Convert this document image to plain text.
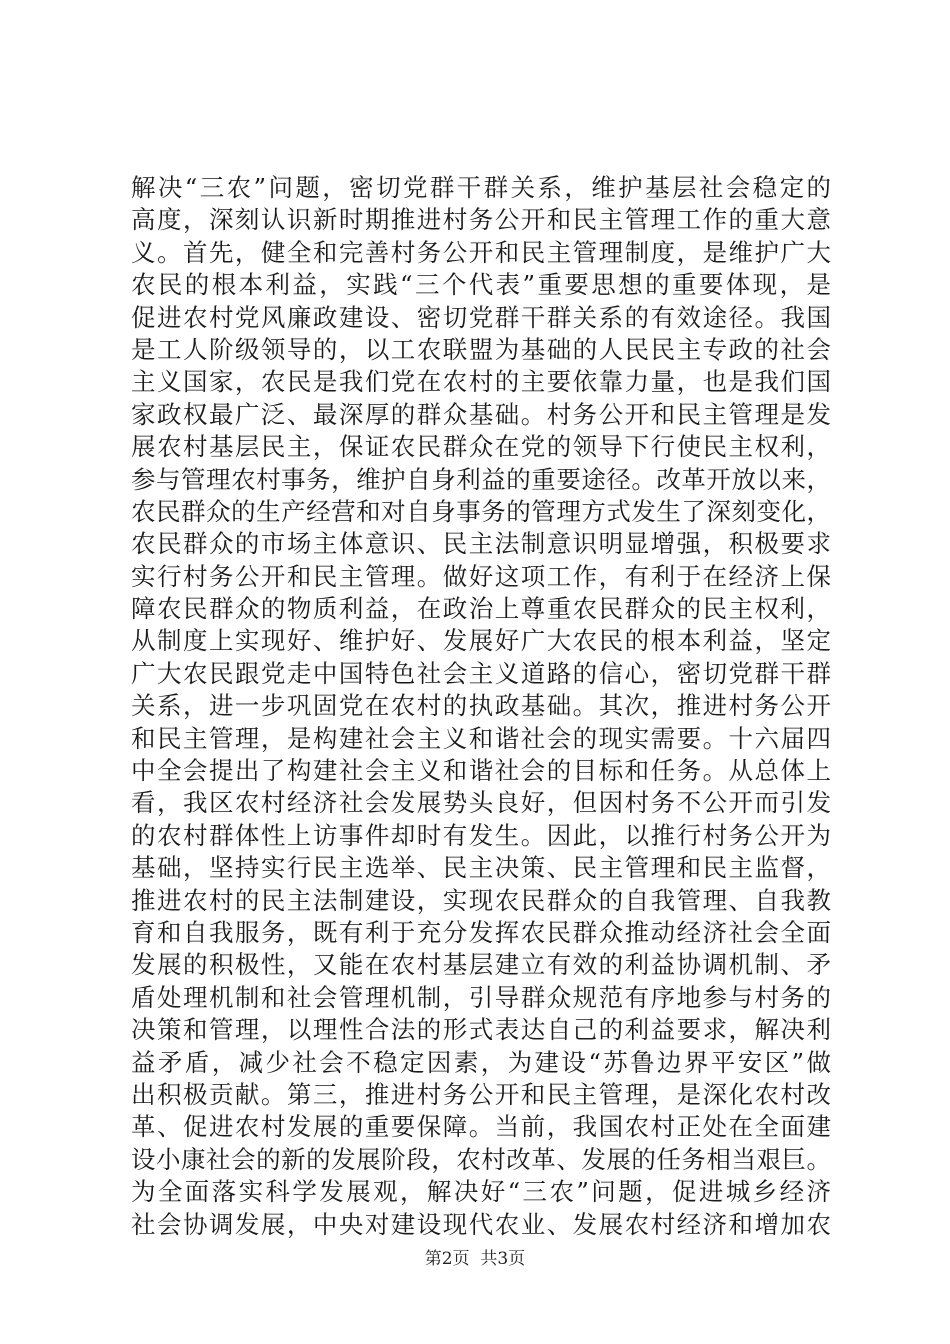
解决“三农”问题，密切党群干群关系，维护基层社会稳定的
高度，深刻认识新时期推进村务公开和民主管理工作的重大意
义。首先，健全和完善村务公开和民主管理制度，是维护广大
农民的根本利益，实践“三个代表”重要思想的重要体现，是
促进农村党风廉政建设、密切党群干群关系的有效途径。我国
是工人阶级领导的，以工农联盟为基础的人民民主专政的社会
主义国家，农民是我们党在农村的主要依靠力量，也是我们国
家政权最广泛、最深厚的群众基础。村务公开和民主管理是发
展农村基层民主，保证农民群众在党的领导下行使民主权利，
参与管理农村事务，维护自身利益的重要途径。改革开放以来，
农民群众的生产经营和对自身事务的管理方式发生了深刻变化，
农民群众的市场主体意识、民主法制意识明显增强，积极要求
实行村务公开和民主管理。做好这项工作，有利于在经济上保
障农民群众的物质利益，在政治上尊重农民群众的民主权利，
从制度上实现好、维护好、发展好广大农民的根本利益，坚定
广大农民跟党走中国特色社会主义道路的信心，密切党群干群
关系，进一步巩固党在农村的执政基础。其次，推进村务公开
和民主管理，是构建社会主义和谐社会的现实需要。十六届四
中全会提出了构建社会主义和谐社会的目标和任务。从总体上
看，我区农村经济社会发展势头良好，但因村务不公开而引发
的农村群体性上访事件却时有发生。因此，以推行村务公开为
基础，坚持实行民主选举、民主决策、民主管理和民主监督，
推进农村的民主法制建设，实现农民群众的自我管理、自我教
育和自我服务，既有利于充分发挥农民群众推动经济社会全面
发展的积极性，又能在农村基层建立有效的利益协调机制、矛
盾处理机制和社会管理机制，引导群众规范有序地参与村务的
决策和管理，以理性合法的形式表达自己的利益要求，解决利
益矛盾，减少社会不稳定因素，为建设“苏鲁边界平安区”做
出积极贡献。第三，推进村务公开和民主管理，是深化农村改
革、促进农村发展的重要保障。当前，我国农村正处在全面建
设小康社会的新的发展阶段，农村改革、发展的任务相当艰巨。
为全面落实科学发展观，解决好“三农”问题，促进城乡经济
社会协调发展，中央对建设现代农业、发展农村经济和增加农
第2页  共3页
